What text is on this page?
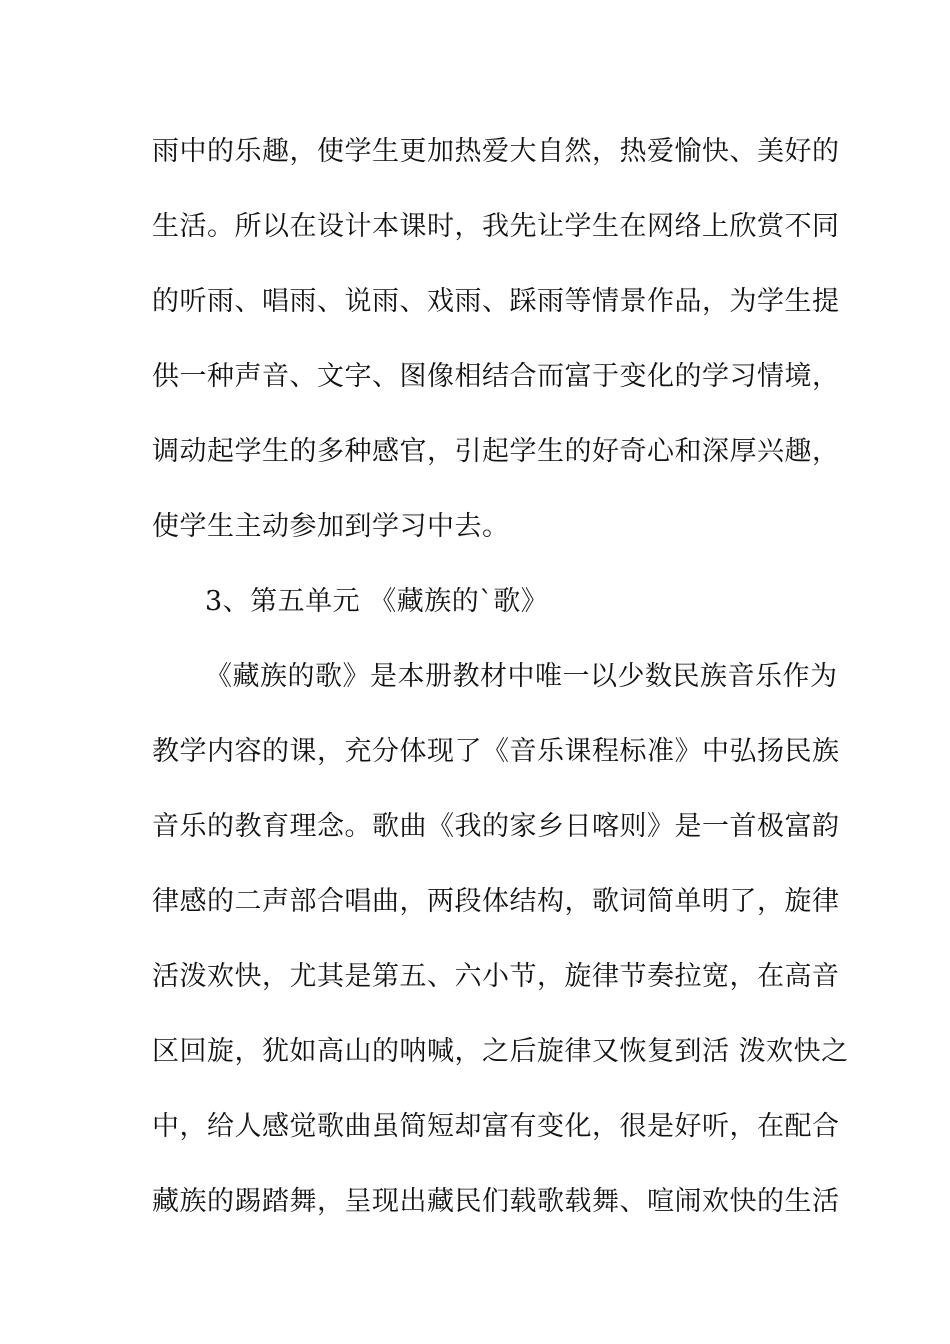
雨中的乐趣，使学生更加热爱大自然，热爱愉快、美好的
生活。所以在设计本课时，我先让学生在网络上欣赏不同
的听雨、唱雨、说雨、戏雨、踩雨等情景作品，为学生提
供一种声音、文字、图像相结合而富于变化的学习情境，
调动起学生的多种感官，引起学生的好奇心和深厚兴趣，
使学生主动参加到学习中去。
3、第五单元 《藏族的`歌》
《藏族的歌》是本册教材中唯一以少数民族音乐作为
教学内容的课，充分体现了《音乐课程标准》中弘扬民族
音乐的教育理念。歌曲《我的家乡日喀则》是一首极富韵
律感的二声部合唱曲，两段体结构，歌词简单明了，旋律
活泼欢快，尤其是第五、六小节，旋律节奏拉宽，在高音
区回旋，犹如高山的呐喊，之后旋律又恢复到活 泼欢快之
中，给人感觉歌曲虽简短却富有变化，很是好听，在配合
藏族的踢踏舞，呈现出藏民们载歌载舞、喧闹欢快的生活
